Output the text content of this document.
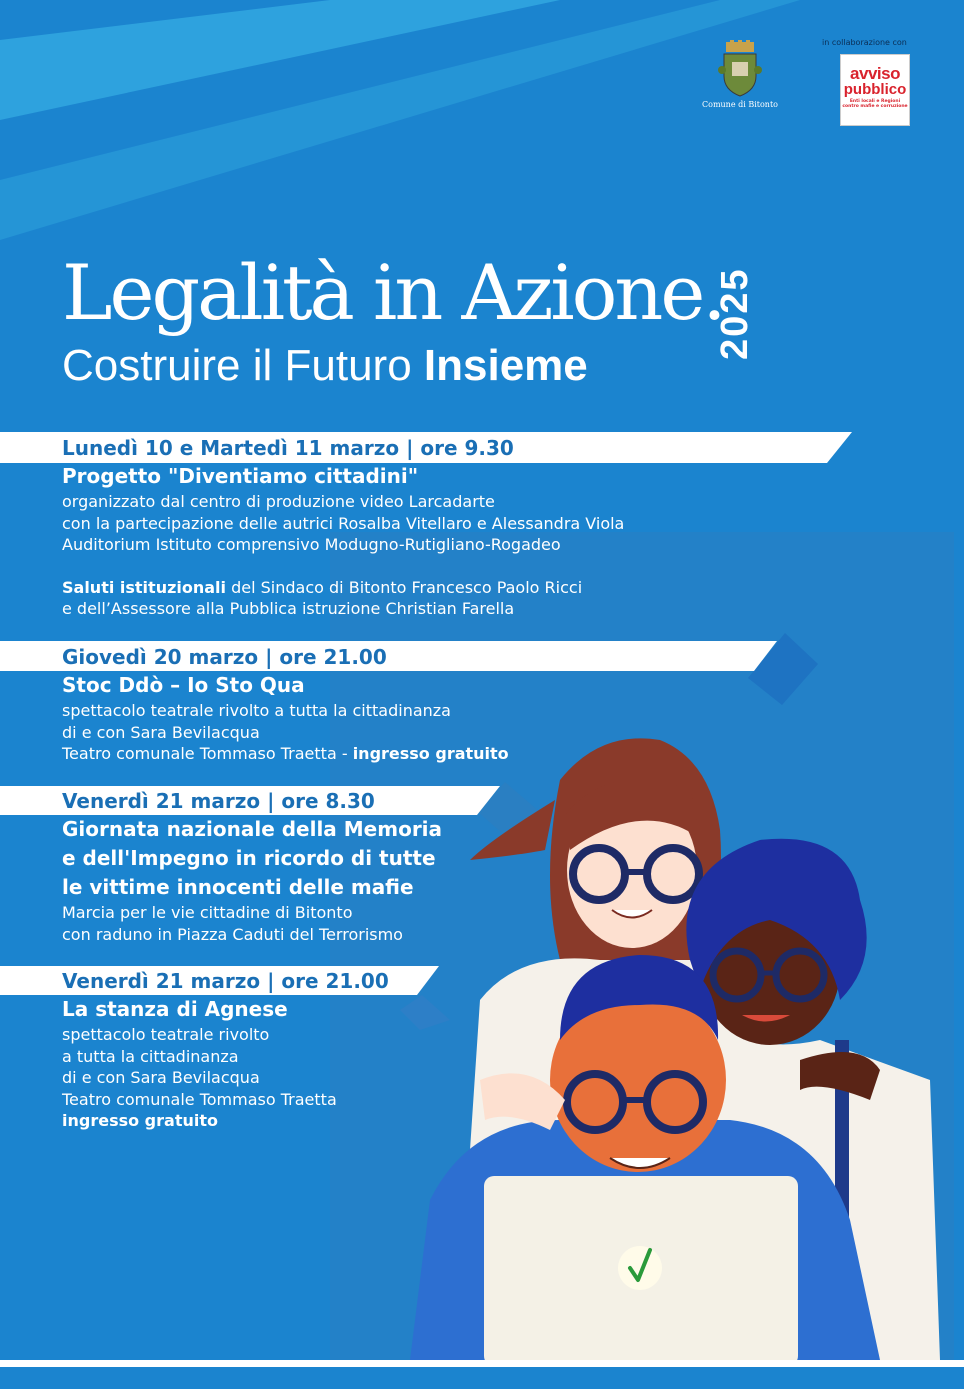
Comune di Bitonto
in collaborazione con
avviso
pubblico
Enti locali e Regioni contro mafie e corruzione
Legalità in Azione.
Costruire il Futuro Insieme
2025
Lunedì 10 e Martedì 11 marzo | ore 9.30
Progetto "Diventiamo cittadini"
organizzato dal centro di produzione video Larcadarte
con la partecipazione delle autrici Rosalba Vitellaro e Alessandra Viola
Auditorium Istituto comprensivo Modugno-Rutigliano-Rogadeo
Saluti istituzionali del Sindaco di Bitonto Francesco Paolo Ricci
e dell’Assessore alla Pubblica istruzione Christian Farella
Giovedì 20 marzo | ore 21.00
Stoc Ddò – Io Sto Qua
spettacolo teatrale rivolto a tutta la cittadinanza
di e con Sara Bevilacqua
Teatro comunale Tommaso Traetta - ingresso gratuito
Venerdì 21 marzo | ore 8.30
Giornata nazionale della Memoria
e dell'Impegno in ricordo di tutte
le vittime innocenti delle mafie
Marcia per le vie cittadine di Bitonto
con raduno in Piazza Caduti del Terrorismo
Venerdì 21 marzo | ore 21.00
La stanza di Agnese
spettacolo teatrale rivolto
a tutta la cittadinanza
di e con Sara Bevilacqua
Teatro comunale Tommaso Traetta
ingresso gratuito
